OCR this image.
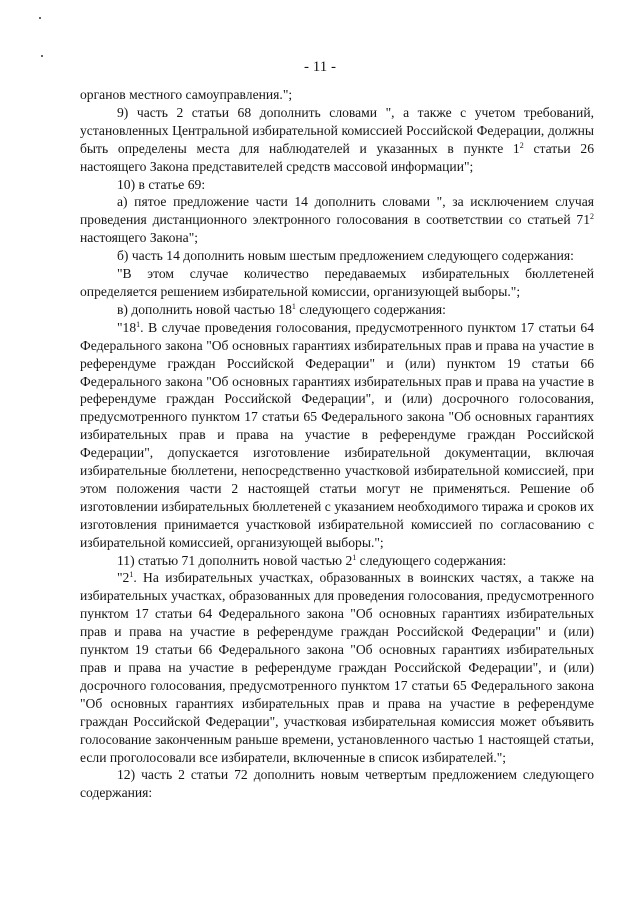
- 11 -

органов местного самоуправления.";

9) часть 2 статьи 68 дополнить словами ", а также с учетом требований, установленных Центральной избирательной комиссией Российской Федерации, должны быть определены места для наблюдателей и указанных в пункте $1^2$ статьи 26 настоящего Закона представителей средств массовой информации";

10) в статье 69:

а) пятое предложение части 14 дополнить словами ", за исключением случая проведения дистанционного электронного голосования в соответствии со статьей $71^2$ настоящего Закона";

б) часть 14 дополнить новым шестым предложением следующего содержания:

"В этом случае количество передаваемых избирательных бюллетеней определяется решением избирательной комиссии, организующей выборы.";

в) дополнить новой частью $18^1$ следующего содержания:

"$18^1$. В случае проведения голосования, предусмотренного пунктом 17 статьи 64 Федерального закона "Об основных гарантиях избирательных прав и права на участие в референдуме граждан Российской Федерации" и (или) пунктом 19 статьи 66 Федерального закона "Об основных гарантиях избирательных прав и права на участие в референдуме граждан Российской Федерации", и (или) досрочного голосования, предусмотренного пунктом 17 статьи 65 Федерального закона "Об основных гарантиях избирательных прав и права на участие в референдуме граждан Российской Федерации", допускается изготовление избирательной документации, включая избирательные бюллетени, непосредственно участковой избирательной комиссией, при этом положения части 2 настоящей статьи могут не применяться. Решение об изготовлении избирательных бюллетеней с указанием необходимого тиража и сроков их изготовления принимается участковой избирательной комиссией по согласованию с избирательной комиссией, организующей выборы.";

11) статью 71 дополнить новой частью $2^1$ следующего содержания:

"$2^1$. На избирательных участках, образованных в воинских частях, а также на избирательных участках, образованных для проведения голосования, предусмотренного пунктом 17 статьи 64 Федерального закона "Об основных гарантиях избирательных прав и права на участие в референдуме граждан Российской Федерации" и (или) пунктом 19 статьи 66 Федерального закона "Об основных гарантиях избирательных прав и права на участие в референдуме граждан Российской Федерации", и (или) досрочного голосования, предусмотренного пунктом 17 статьи 65 Федерального закона "Об основных гарантиях избирательных прав и права на участие в референдуме граждан Российской Федерации", участковая избирательная комиссия может объявить голосование законченным раньше времени, установленного частью 1 настоящей статьи, если проголосовали все избиратели, включенные в список избирателей.";

12) часть 2 статьи 72 дополнить новым четвертым предложением следующего содержания:
